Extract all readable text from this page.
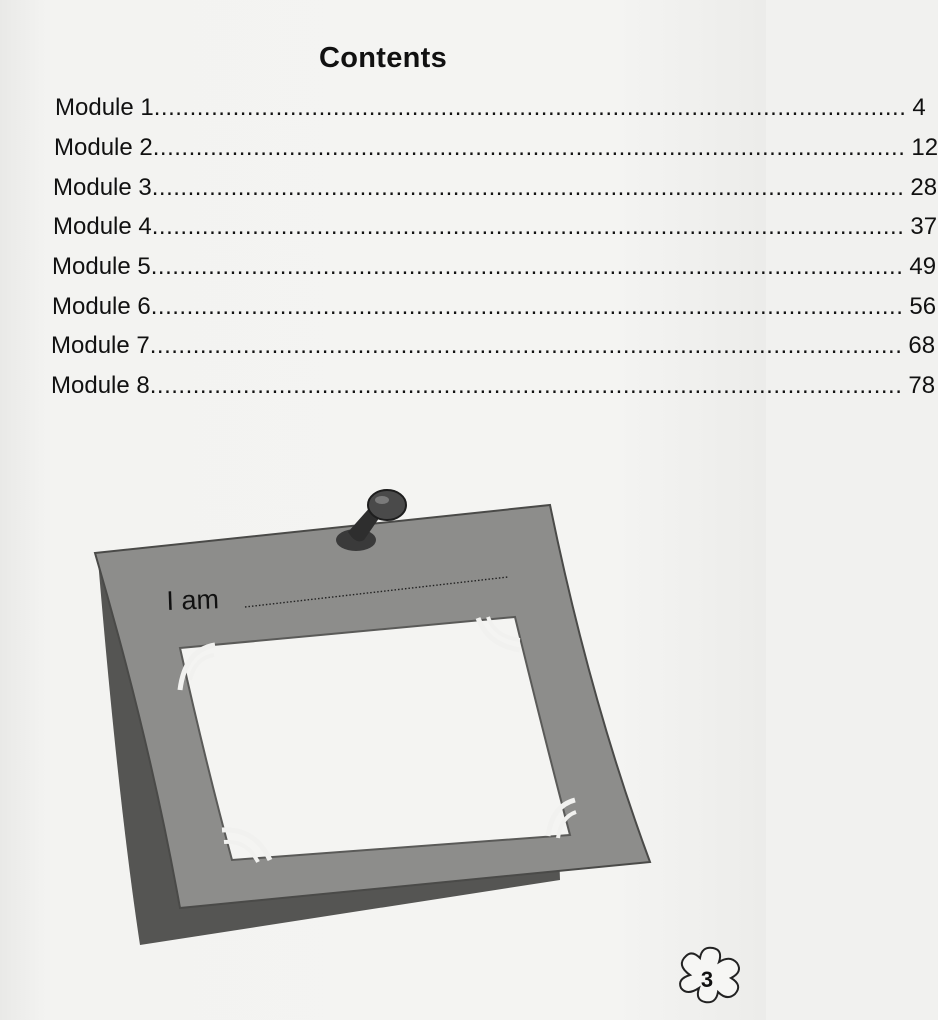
Contents
Module 1 ......................................................................................................... 4
Module 2 ......................................................................................................... 12
Module 3 ......................................................................................................... 28
Module 4 ......................................................................................................... 37
Module 5 ......................................................................................................... 49
Module 6 ......................................................................................................... 56
Module 7 ......................................................................................................... 68
Module 8 ......................................................................................................... 78
I am
3
